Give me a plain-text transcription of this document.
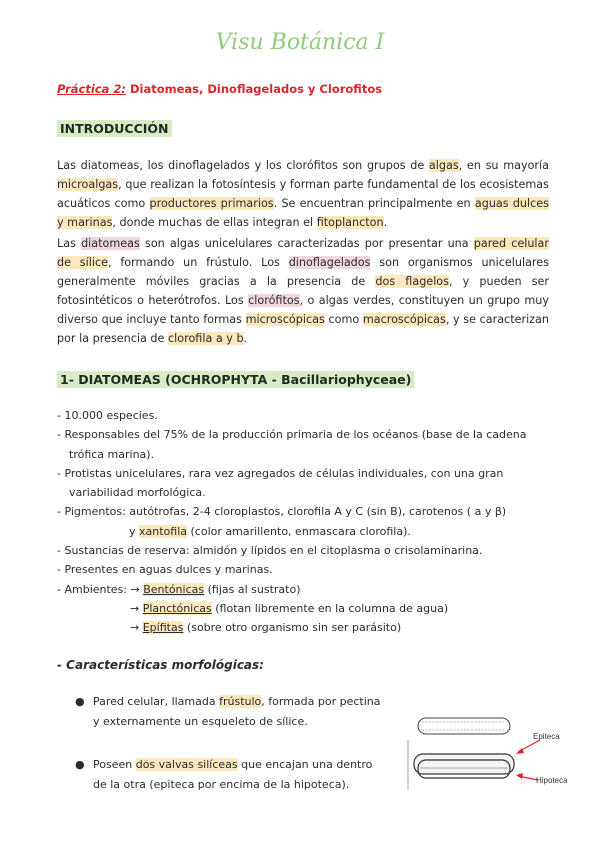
Visu Botánica I
Práctica 2: Diatomeas, Dinoflagelados y Clorofitos
INTRODUCCIÓN

Las diatomeas, los dinoflagelados y los clorófitos son grupos de algas, en su mayoría microalgas, que realizan la fotosíntesis y forman parte fundamental de los ecosistemas acuáticos como productores primarios. Se encuentran principalmente en aguas dulces y marinas, donde muchas de ellas integran el fitoplancton.

Las diatomeas son algas unicelulares caracterizadas por presentar una pared celular de sílice, formando un frústulo. Los dinoflagelados son organismos unicelulares generalmente móviles gracias a la presencia de dos flagelos, y pueden ser fotosintéticos o heterótrofos. Los clorófitos, o algas verdes, constituyen un grupo muy diverso que incluye tanto formas microscópicas como macroscópicas, y se caracterizan por la presencia de clorofila a y b.

1- DIATOMEAS (OCHROPHYTA - Bacillariophyceae)
- 10.000 especies.
- Responsables del 75% de la producción primaria de los océanos (base de la cadena
trófica marina).
- Protistas unicelulares, rara vez agregados de células individuales, con una gran
variabilidad morfológica.
- Pigmentos: autótrofas, 2-4 cloroplastos, clorofila A y C (sin B), carotenos ( a y β)
y xantofila (color amarillento, enmascara clorofila).
- Sustancias de reserva: almidón y lípidos en el citoplasma o crisolaminarina.
- Presentes en aguas dulces y marinas.
- Ambientes: → Bentónicas (fijas al sustrato)
→ Planctónicas (flotan libremente en la columna de agua)
→ Epífitas (sobre otro organismo sin ser parásito)
- Características morfológicas:
● Pared celular, llamada frústulo, formada por pectina y externamente un esqueleto de sílice.
● Poseen dos valvas silíceas que encajan una dentro de la otra (epiteca por encima de la hipoteca).
Epiteca
Hipoteca
